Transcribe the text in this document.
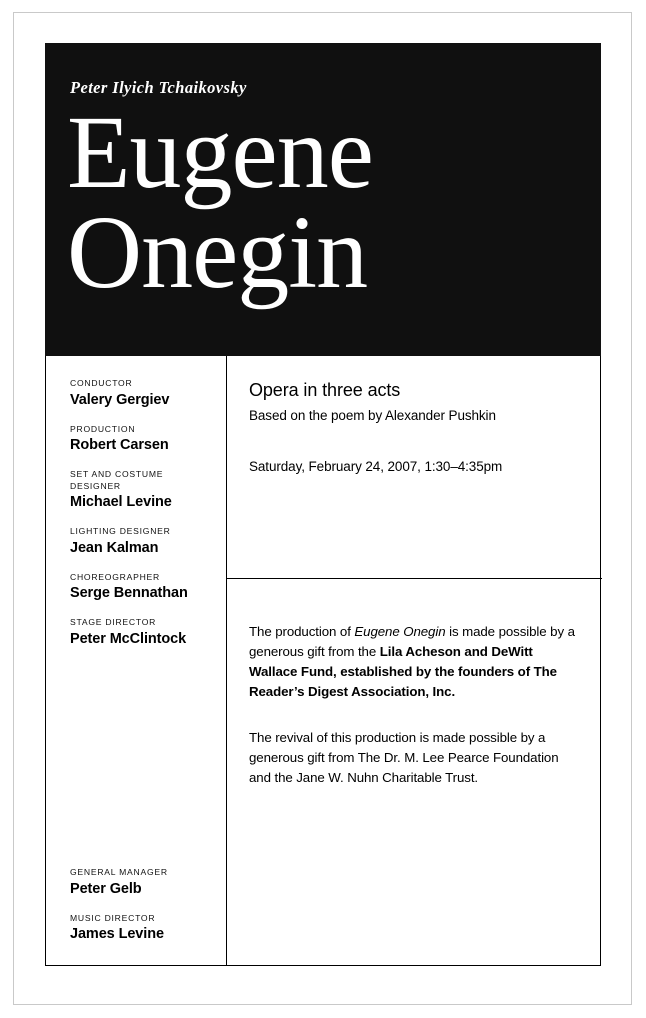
Peter Ilyich Tchaikovsky
Eugene
Onegin
CONDUCTOR
Valery Gergiev
PRODUCTION
Robert Carsen
SET AND COSTUME DESIGNER
Michael Levine
LIGHTING DESIGNER
Jean Kalman
CHOREOGRAPHER
Serge Bennathan
STAGE DIRECTOR
Peter McClintock
GENERAL MANAGER
Peter Gelb
MUSIC DIRECTOR
James Levine
Opera in three acts
Based on the poem by Alexander Pushkin
Saturday, February 24, 2007, 1:30–4:35pm
The production of Eugene Onegin is made possible by a generous gift from the Lila Acheson and DeWitt Wallace Fund, established by the founders of The Reader’s Digest Association, Inc.
The revival of this production is made possible by a generous gift from The Dr. M. Lee Pearce Foundation and the Jane W. Nuhn Charitable Trust.
